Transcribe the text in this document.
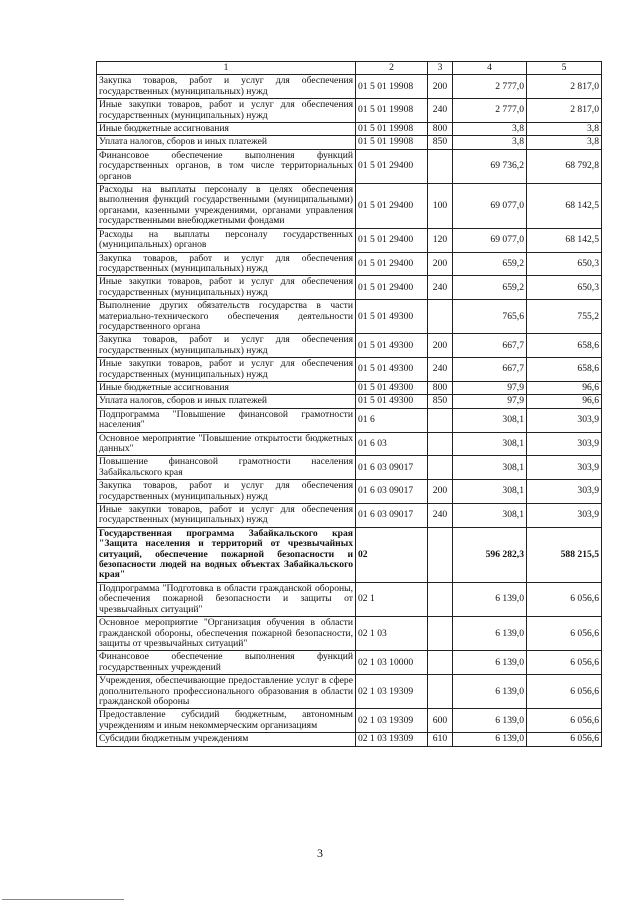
1	2	3	4	5
Закупка товаров, работ и услуг для обеспечения государственных (муниципальных) нужд	01 5 01 19908	200	2 777,0	2 817,0
Иные закупки товаров, работ и услуг для обеспечения государственных (муниципальных) нужд	01 5 01 19908	240	2 777,0	2 817,0
Иные бюджетные ассигнования	01 5 01 19908	800	3,8	3,8
Уплата налогов, сборов и иных платежей	01 5 01 19908	850	3,8	3,8
Финансовое обеспечение выполнения функций государственных органов, в том числе территориальных органов	01 5 01 29400		69 736,2	68 792,8
Расходы на выплаты персоналу в целях обеспечения выполнения функций государственными (муниципальными) органами, казенными учреждениями, органами управления государственными внебюджетными фондами	01 5 01 29400	100	69 077,0	68 142,5
Расходы на выплаты персоналу государственных (муниципальных) органов	01 5 01 29400	120	69 077,0	68 142,5
Закупка товаров, работ и услуг для обеспечения государственных (муниципальных) нужд	01 5 01 29400	200	659,2	650,3
Иные закупки товаров, работ и услуг для обеспечения государственных (муниципальных) нужд	01 5 01 29400	240	659,2	650,3
Выполнение других обязательств государства в части материально-технического обеспечения деятельности государственного органа	01 5 01 49300		765,6	755,2
Закупка товаров, работ и услуг для обеспечения государственных (муниципальных) нужд	01 5 01 49300	200	667,7	658,6
Иные закупки товаров, работ и услуг для обеспечения государственных (муниципальных) нужд	01 5 01 49300	240	667,7	658,6
Иные бюджетные ассигнования	01 5 01 49300	800	97,9	96,6
Уплата налогов, сборов и иных платежей	01 5 01 49300	850	97,9	96,6
Подпрограмма "Повышение финансовой грамотности населения"	01 6		308,1	303,9
Основное мероприятие "Повышение открытости бюджетных данных"	01 6 03		308,1	303,9
Повышение финансовой грамотности населения Забайкальского края	01 6 03 09017		308,1	303,9
Закупка товаров, работ и услуг для обеспечения государственных (муниципальных) нужд	01 6 03 09017	200	308,1	303,9
Иные закупки товаров, работ и услуг для обеспечения государственных (муниципальных) нужд	01 6 03 09017	240	308,1	303,9
Государственная программа Забайкальского края "Защита населения и территорий от чрезвычайных ситуаций, обеспечение пожарной безопасности и безопасности людей на водных объектах Забайкальского края"	02		596 282,3	588 215,5
Подпрограмма "Подготовка в области гражданской обороны, обеспечения пожарной безопасности и защиты от чрезвычайных ситуаций"	02 1		6 139,0	6 056,6
Основное мероприятие "Организация обучения в области гражданской обороны, обеспечения пожарной безопасности, защиты от чрезвычайных ситуаций"	02 1 03		6 139,0	6 056,6
Финансовое обеспечение выполнения функций государственных учреждений	02 1 03 10000		6 139,0	6 056,6
Учреждения, обеспечивающие предоставление услуг в сфере дополнительного профессионального образования в области гражданской обороны	02 1 03 19309		6 139,0	6 056,6
Предоставление субсидий бюджетным, автономным учреждениям и иным некоммерческим организациям	02 1 03 19309	600	6 139,0	6 056,6
Субсидии бюджетным учреждениям	02 1 03 19309	610	6 139,0	6 056,6
3
